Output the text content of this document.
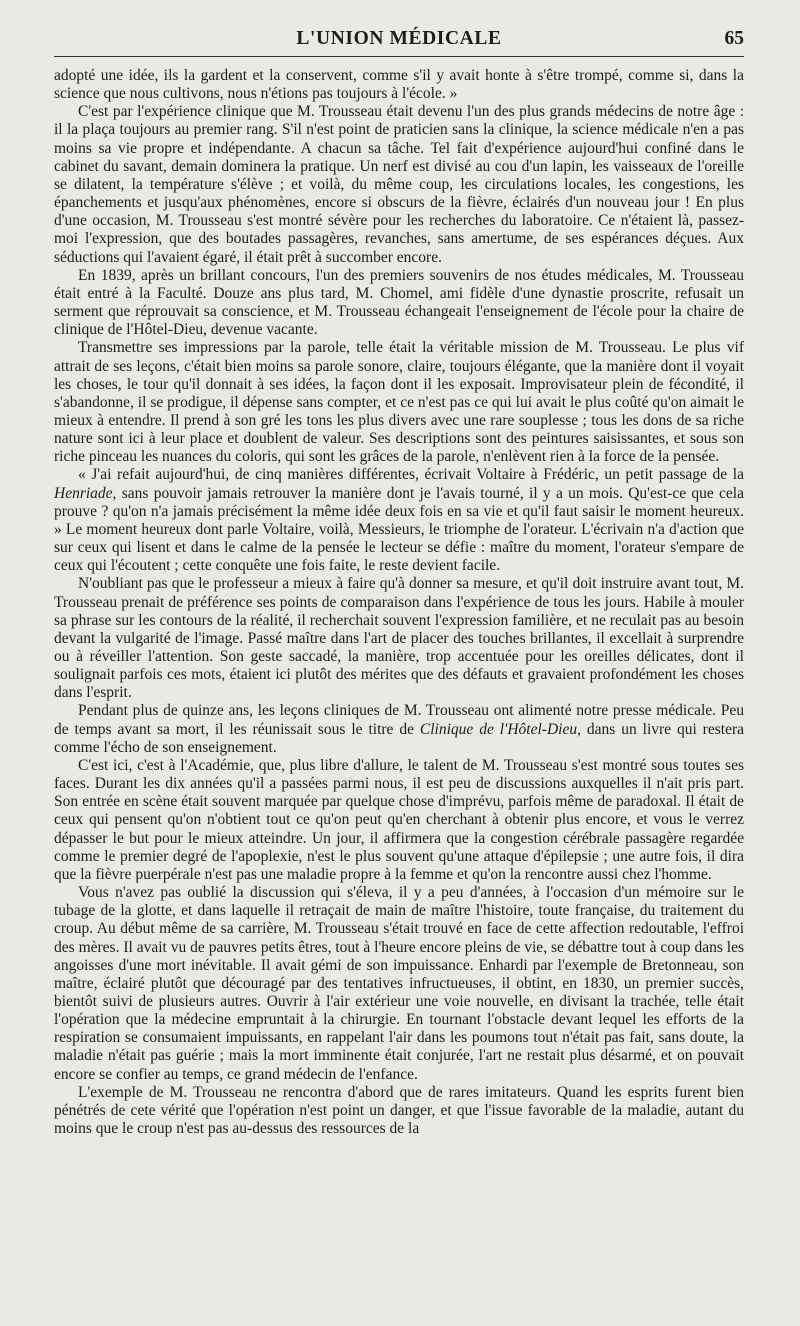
L'UNION MÉDICALE	65

adopté une idée, ils la gardent et la conservent, comme s'il y avait honte à s'être trompé, comme si, dans la science que nous cultivons, nous n'étions pas toujours à l'école. »

C'est par l'expérience clinique que M. Trousseau était devenu l'un des plus grands médecins de notre âge : il la plaça toujours au premier rang. S'il n'est point de praticien sans la clinique, la science médicale n'en a pas moins sa vie propre et indépendante. A chacun sa tâche. Tel fait d'expérience aujourd'hui confiné dans le cabinet du savant, demain dominera la pratique. Un nerf est divisé au cou d'un lapin, les vaisseaux de l'oreille se dilatent, la température s'élève ; et voilà, du même coup, les circulations locales, les congestions, les épanchements et jusqu'aux phénomènes, encore si obscurs de la fièvre, éclairés d'un nouveau jour ! En plus d'une occasion, M. Trousseau s'est montré sévère pour les recherches du laboratoire. Ce n'étaient là, passez-moi l'expression, que des boutades passagères, revanches, sans amertume, de ses espérances déçues. Aux séductions qui l'avaient égaré, il était prêt à succomber encore.

En 1839, après un brillant concours, l'un des premiers souvenirs de nos études médicales, M. Trousseau était entré à la Faculté. Douze ans plus tard, M. Chomel, ami fidèle d'une dynastie proscrite, refusait un serment que réprouvait sa conscience, et M. Trousseau échangeait l'enseignement de l'école pour la chaire de clinique de l'Hôtel-Dieu, devenue vacante.

Transmettre ses impressions par la parole, telle était la véritable mission de M. Trousseau. Le plus vif attrait de ses leçons, c'était bien moins sa parole sonore, claire, toujours élégante, que la manière dont il voyait les choses, le tour qu'il donnait à ses idées, la façon dont il les exposait. Improvisateur plein de fécondité, il s'abandonne, il se prodigue, il dépense sans compter, et ce n'est pas ce qui lui avait le plus coûté qu'on aimait le mieux à entendre. Il prend à son gré les tons les plus divers avec une rare souplesse ; tous les dons de sa riche nature sont ici à leur place et doublent de valeur. Ses descriptions sont des peintures saisissantes, et sous son riche pinceau les nuances du coloris, qui sont les grâces de la parole, n'enlèvent rien à la force de la pensée.

« J'ai refait aujourd'hui, de cinq manières différentes, écrivait Voltaire à Frédéric, un petit passage de la Henriade, sans pouvoir jamais retrouver la manière dont je l'avais tourné, il y a un mois. Qu'est-ce que cela prouve ? qu'on n'a jamais précisément la même idée deux fois en sa vie et qu'il faut saisir le moment heureux. » Le moment heureux dont parle Voltaire, voilà, Messieurs, le triomphe de l'orateur. L'écrivain n'a d'action que sur ceux qui lisent et dans le calme de la pensée le lecteur se défie : maître du moment, l'orateur s'empare de ceux qui l'écoutent ; cette conquête une fois faite, le reste devient facile.

N'oubliant pas que le professeur a mieux à faire qu'à donner sa mesure, et qu'il doit instruire avant tout, M. Trousseau prenait de préférence ses points de comparaison dans l'expérience de tous les jours. Habile à mouler sa phrase sur les contours de la réalité, il recherchait souvent l'expression familière, et ne reculait pas au besoin devant la vulgarité de l'image. Passé maître dans l'art de placer des touches brillantes, il excellait à surprendre ou à réveiller l'attention. Son geste saccadé, la manière, trop accentuée pour les oreilles délicates, dont il soulignait parfois ces mots, étaient ici plutôt des mérites que des défauts et gravaient profondément les choses dans l'esprit.

Pendant plus de quinze ans, les leçons cliniques de M. Trousseau ont alimenté notre presse médicale. Peu de temps avant sa mort, il les réunissait sous le titre de Clinique de l'Hôtel-Dieu, dans un livre qui restera comme l'écho de son enseignement.

C'est ici, c'est à l'Académie, que, plus libre d'allure, le talent de M. Trousseau s'est montré sous toutes ses faces. Durant les dix années qu'il a passées parmi nous, il est peu de discussions auxquelles il n'ait pris part. Son entrée en scène était souvent marquée par quelque chose d'imprévu, parfois même de paradoxal. Il était de ceux qui pensent qu'on n'obtient tout ce qu'on peut qu'en cherchant à obtenir plus encore, et vous le verrez dépasser le but pour le mieux atteindre. Un jour, il affirmera que la congestion cérébrale passagère regardée comme le premier degré de l'apoplexie, n'est le plus souvent qu'une attaque d'épilepsie ; une autre fois, il dira que la fièvre puerpérale n'est pas une maladie propre à la femme et qu'on la rencontre aussi chez l'homme.

Vous n'avez pas oublié la discussion qui s'éleva, il y a peu d'années, à l'occasion d'un mémoire sur le tubage de la glotte, et dans laquelle il retraçait de main de maître l'histoire, toute française, du traitement du croup. Au début même de sa carrière, M. Trousseau s'était trouvé en face de cette affection redoutable, l'effroi des mères. Il avait vu de pauvres petits êtres, tout à l'heure encore pleins de vie, se débattre tout à coup dans les angoisses d'une mort inévitable. Il avait gémi de son impuissance. Enhardi par l'exemple de Bretonneau, son maître, éclairé plutôt que découragé par des tentatives infructueuses, il obtint, en 1830, un premier succès, bientôt suivi de plusieurs autres. Ouvrir à l'air extérieur une voie nouvelle, en divisant la trachée, telle était l'opération que la médecine empruntait à la chirurgie. En tournant l'obstacle devant lequel les efforts de la respiration se consumaient impuissants, en rappelant l'air dans les poumons tout n'était pas fait, sans doute, la maladie n'était pas guérie ; mais la mort imminente était conjurée, l'art ne restait plus désarmé, et on pouvait encore se confier au temps, ce grand médecin de l'enfance.

L'exemple de M. Trousseau ne rencontra d'abord que de rares imitateurs. Quand les esprits furent bien pénétrés de cete vérité que l'opération n'est point un danger, et que l'issue favorable de la maladie, autant du moins que le croup n'est pas au-dessus des ressources de la
